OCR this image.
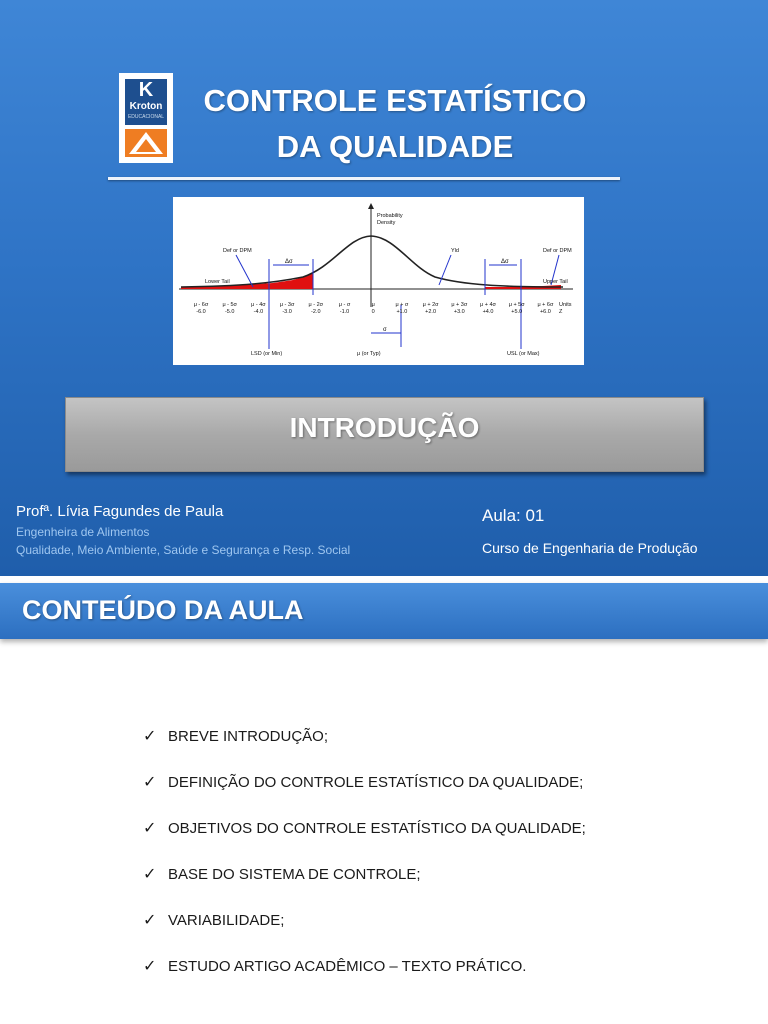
K
Kroton
EDUCACIONAL	CONTROLE ESTATÍSTICO
DA QUALIDADE
Probability
Density
Def or DPM	Def or DPM
Δσ	Δσ
Lower Tail	Upper Tail
Yld
Units
Z
μ - 6σ	μ - 5σ	μ - 4σ	μ - 3σ	μ - 2σ	μ - σ	μ	μ + σ	μ + 2σ μ + 3σ μ + 4σ μ + 5σ μ + 6σ
-6.0	-5.0	-4.0	-3.0	-2.0	-1.0	0	+1.0	+2.0	+3.0	+4.0	+5.0	+6.0
LSD (or Min)	USL (or Max)
μ (or Typ)
σ
INTRODUÇÃO
Profª. Lívia Fagundes de Paula
Engenheira de Alimentos
Qualidade, Meio Ambiente, Saúde e Segurança e Resp. Social
Aula: 01
Curso de Engenharia de Produção
CONTEÚDO DA AULA
✓ BREVE INTRODUÇÃO;
✓ DEFINIÇÃO DO CONTROLE ESTATÍSTICO DA QUALIDADE;
✓ OBJETIVOS DO CONTROLE ESTATÍSTICO DA QUALIDADE;
✓ BASE DO SISTEMA DE CONTROLE;
✓ VARIABILIDADE;
✓ ESTUDO ARTIGO ACADÊMICO – TEXTO PRÁTICO.
